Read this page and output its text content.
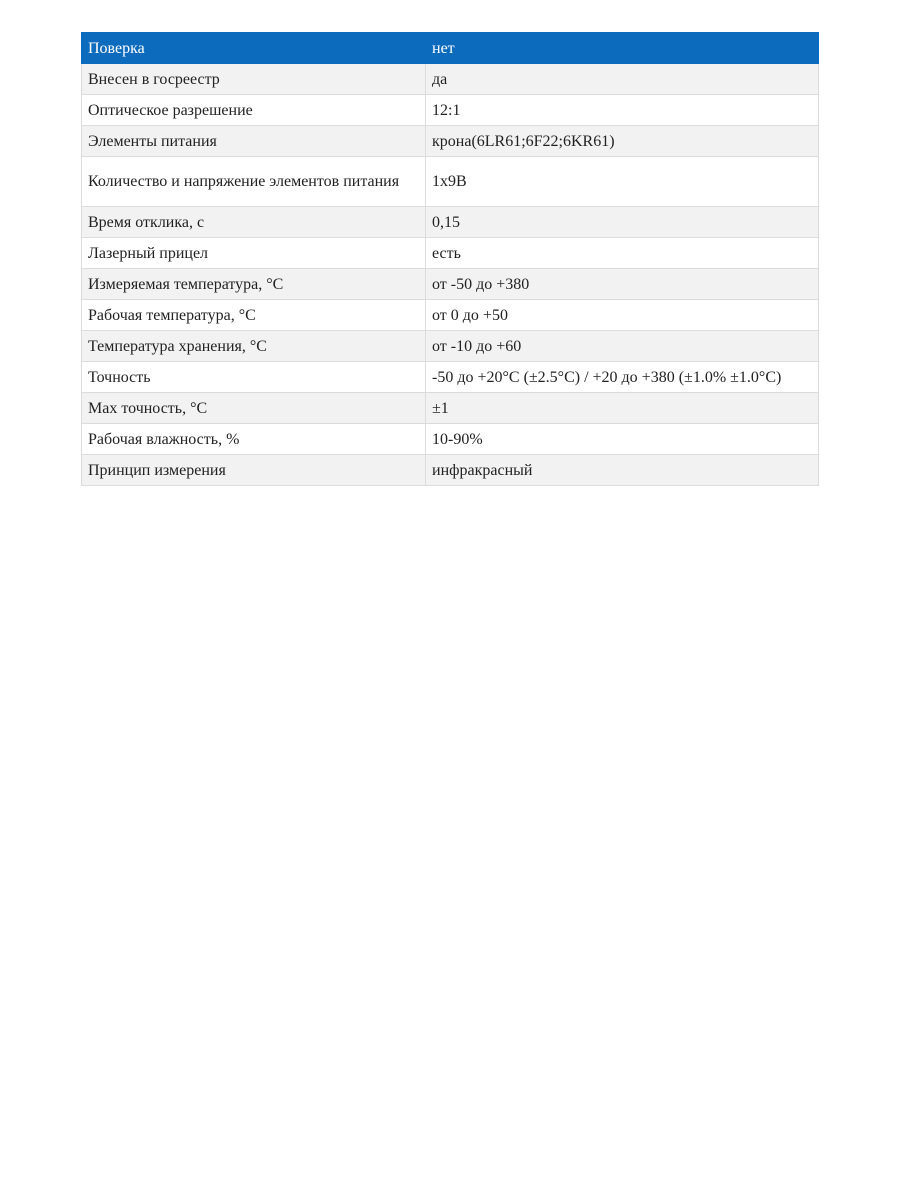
Поверка	нет
Внесен в госреестр	да
Оптическое разрешение	12:1
Элементы питания	крона(6LR61;6F22;6KR61)
Количество и напряжение элементов питания	1x9B
Время отклика, с	0,15
Лазерный прицел	есть
Измеряемая температура, °C	от -50 до +380
Рабочая температура, °C	от 0 до +50
Температура хранения, °C	от -10 до +60
Точность	-50 до +20°C (±2.5°C) / +20 до +380 (±1.0% ±1.0°C)
Max точность, °C	±1
Рабочая влажность, %	10-90%
Принцип измерения	инфракрасный
